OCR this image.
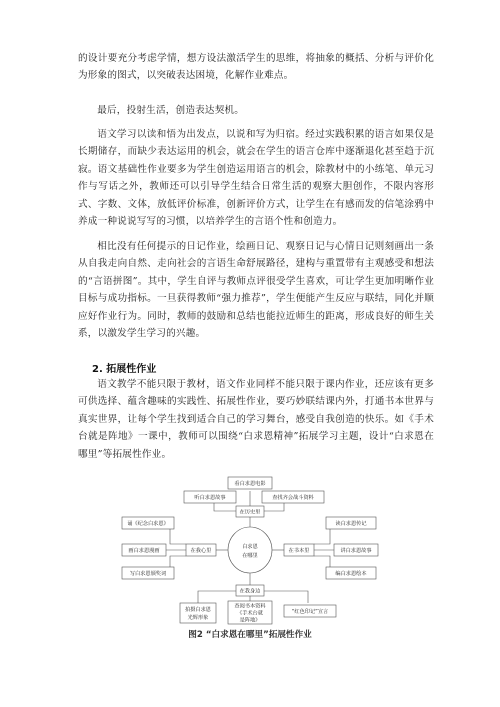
的设计要充分考虑学情，想方设法激活学生的思维，将抽象的概括、分析与评价化为形象的图式，以突破表达困境，化解作业难点。

最后，投射生活，创造表达契机。

语文学习以读和悟为出发点，以说和写为归宿。经过实践积累的语言如果仅是长期储存，而缺少表达运用的机会，就会在学生的语言仓库中逐渐退化甚至趋于沉寂。语文基础性作业要多为学生创造运用语言的机会，除教材中的小练笔、单元习作与写话之外，教师还可以引导学生结合日常生活的观察大胆创作，不限内容形式、字数、文体，放低评价标准，创新评价方式，让学生在有感而发的信笔涂鸦中养成一种说说写写的习惯，以培养学生的言语个性和创造力。

相比没有任何提示的日记作业，绘画日记、观察日记与心情日记则刻画出一条从自我走向自然、走向社会的言语生命舒展路径，建构与重置带有主观感受和想法的“言语拼图”。其中，学生自评与教师点评很受学生喜欢，可让学生更加明晰作业目标与成功指标。一旦获得教师“强力推荐”，学生便能产生反应与联结，同化并顺应好作业行为。同时，教师的鼓励和总结也能拉近师生的距离，形成良好的师生关系，以激发学生学习的兴趣。

2. 拓展性作业

语文教学不能只限于教材，语文作业同样不能只限于课内作业，还应该有更多可供选择、蕴含趣味的实践性、拓展性作业，要巧妙联结课内外，打通书本世界与真实世界，让每个学生找到适合自己的学习舞台，感受自我创造的快乐。如《手术台就是阵地》一课中，教师可以围绕“白求恩精神”拓展学习主题，设计“白求恩在哪里”等拓展性作业。

白求恩
在哪里
看白求恩电影
听白求恩故事	查找齐会战斗资料
在历史里
诵《纪念白求恩》
画白求恩漫画
写白求恩颁奖词
在我心里
读白求恩传记
讲白求恩故事
编白求恩绘本
在书本里
在我身边
拍摄白求恩
光辉形象
查阅书本资料
《手术台就
是阵地》
“红色印记”宣言
图2 “白求恩在哪里”拓展性作业
